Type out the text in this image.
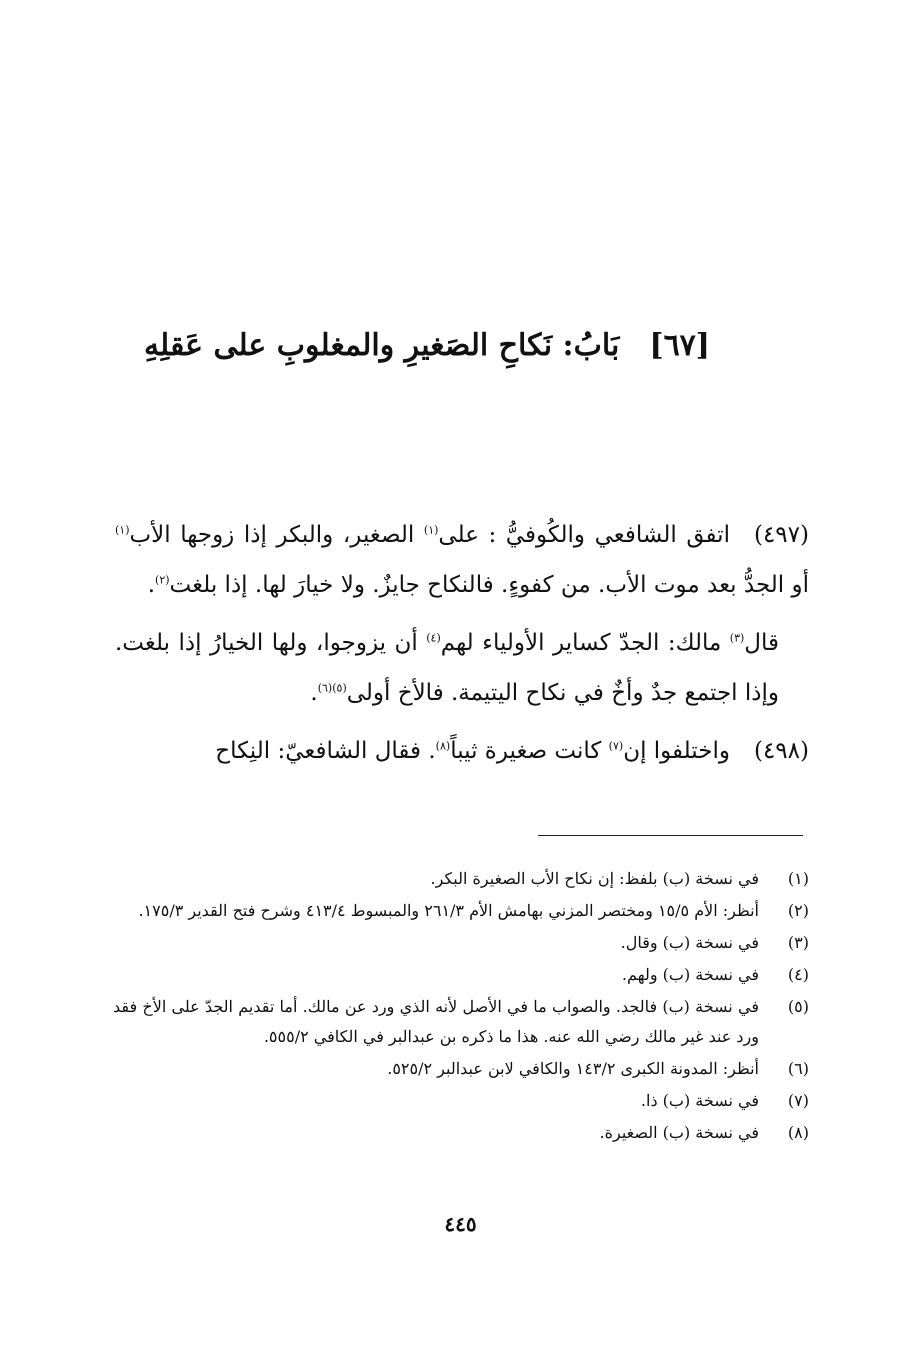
[٦٧]بَابُ: نَكاحِ الصَغيرِ والمغلوبِ على عَقلِهِ

(٤٩٧)اتفق الشافعي والكُوفيُّ : على$^{(١)}$ الصغير، والبكر إذا زوجها الأب$^{(١)}$ أو الجدُّ بعد موت الأب. من كفوءٍ. فالنكاح جايزٌ. ولا خيارَ لها. إذا بلغت$^{(٢)}$.

قال$^{(٣)}$ مالك: الجدّ كساير الأولياء لهم$^{(٤)}$ أن يزوجوا، ولها الخيارُ إذا بلغت. وإذا اجتمع جدٌ وأخٌ في نكاح اليتيمة. فالأخ أولى$^{(٥)(٦)}$.

(٤٩٨)واختلفوا إن$^{(٧)}$ كانت صغيرة ثيباً$^{(٨)}$. فقال الشافعيّ: النِكاح

(١)
في نسخة (ب) بلفظ: إن نكاح الأب الصغيرة البكر.
(٢)
أنظر: الأم ١٥/٥ ومختصر المزني بهامش الأم ٢٦١/٣ والمبسوط ٤١٣/٤ وشرح فتح القدير ١٧٥/٣.
(٣)
في نسخة (ب) وقال.
(٤)
في نسخة (ب) ولهم.
(٥)
في نسخة (ب) فالجد. والصواب ما في الأصل لأنه الذي ورد عن مالك. أما تقديم الجدّ على الأخ فقد ورد عند غير مالك رضي الله عنه. هذا ما ذكره بن عبدالبر في الكافي ٥٥٥/٢.
(٦)
أنظر: المدونة الكبرى ١٤٣/٢ والكافي لابن عبدالبر ٥٢٥/٢.
(٧)
في نسخة (ب) ذا.
(٨)
في نسخة (ب) الصغيرة.
٤٤٥
